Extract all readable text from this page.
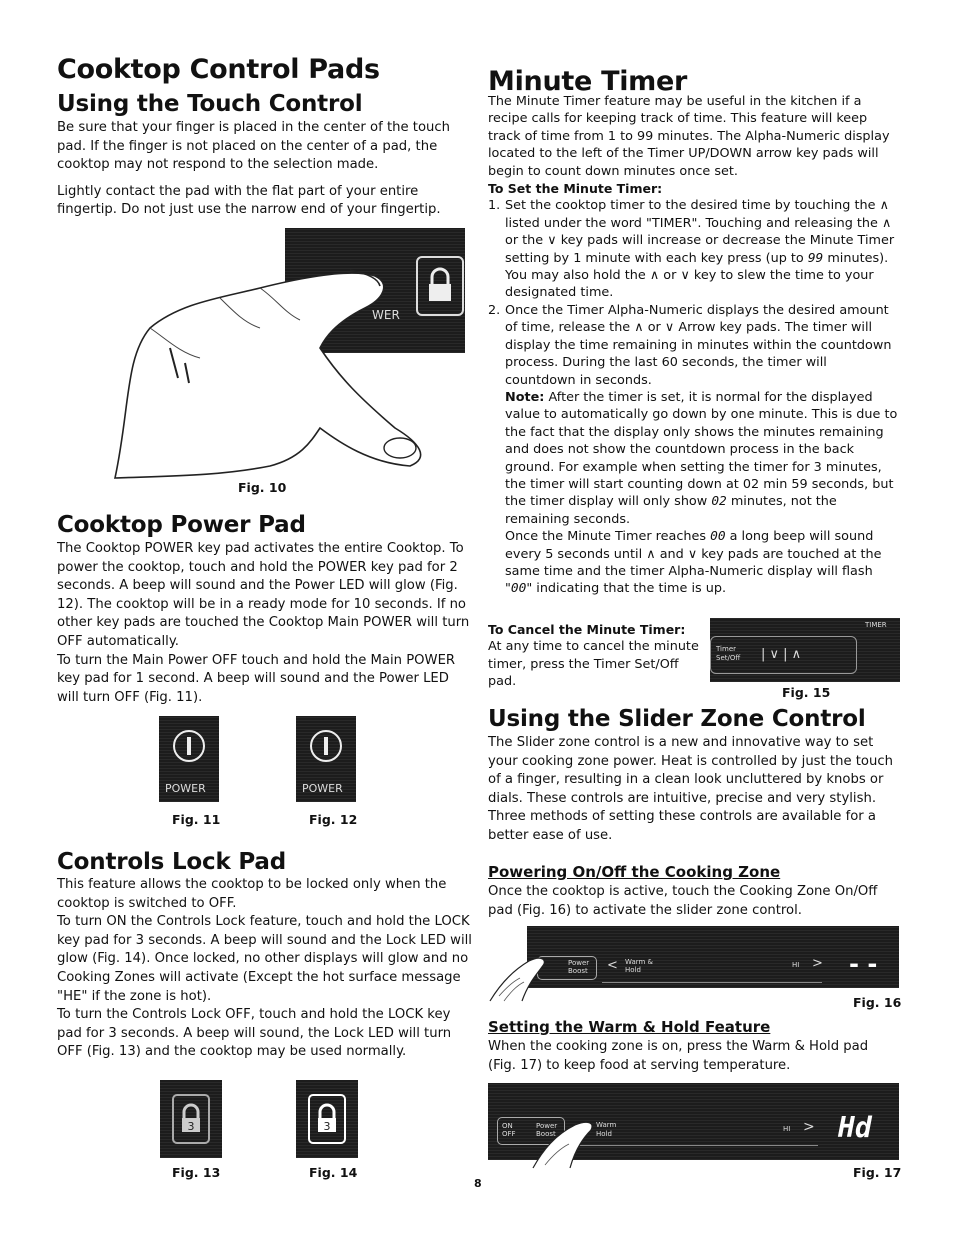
Cooktop Control Pads
Using the Touch Control

Be sure that your finger is placed in the center of the touch pad. If the finger is not placed on the center of a pad, the cooktop may not respond to the selection made.

Lightly contact the pad with the flat part of your entire fingertip. Do not just use the narrow end of your fingertip.

WER
Fig. 10
Cooktop Power Pad

The Cooktop POWER key pad activates the entire Cooktop. To power the cooktop, touch and hold the POWER key pad for 2 seconds. A beep will sound and the Power LED will glow (Fig. 12). The cooktop will be in a ready mode for 10 seconds. If no other key pads are touched the Cooktop Main POWER will turn OFF automatically.

To turn the Main Power OFF touch and hold the Main POWER key pad for 1 second. A beep will sound and the Power LED will turn OFF (Fig. 11).

POWER	POWER
Fig. 11	Fig. 12
Controls Lock Pad

This feature allows the cooktop to be locked only when the cooktop is switched to OFF.

To turn ON the Controls Lock feature, touch and hold the LOCK key pad for 3 seconds. A beep will sound and the Lock LED will glow (Fig. 14). Once locked, no other displays will glow and no Cooking Zones will activate (Except the hot surface message "HE" if the zone is hot).

To turn the Controls Lock OFF, touch and hold the LOCK key pad for 3 seconds. A beep will sound, the Lock LED will turn OFF (Fig. 13) and the cooktop may be used normally.

3	3
Fig. 13	Fig. 14
Minute Timer

The Minute Timer feature may be useful in the kitchen if a recipe calls for keeping track of time. This feature will keep track of time from 1 to 99 minutes. The Alpha-Numeric display located to the left of the Timer UP/DOWN arrow key pads will begin to count down minutes once set.

To Set the Minute Timer:

1. Set the cooktop timer to the desired time by touching the ∧ listed under the word "TIMER". Touching and releasing the ∧ or the ∨ key pads will increase or decrease the Minute Timer setting by 1 minute with each key press (up to 99 minutes). You may also hold the ∧ or ∨ key to slew the time to your designated time.

2. Once the Timer Alpha-Numeric displays the desired amount of time, release the ∧ or ∨ Arrow key pads. The timer will display the time remaining in minutes within the countdown process. During the last 60 seconds, the timer will countdown in seconds.

Note: After the timer is set, it is normal for the displayed value to automatically go down by one minute. This is due to the fact that the display only shows the minutes remaining and does not show the countdown process in the back ground. For example when setting the timer for 3 minutes, the timer will start counting down at 02 min 59 seconds, but the timer display will only show 02 minutes, not the remaining seconds.

Once the Minute Timer reaches 00 a long beep will sound every 5 seconds until ∧ and ∨ key pads are touched at the same time and the timer Alpha-Numeric display will flash "00" indicating that the time is up.

To Cancel the Minute Timer:

At any time to cancel the minute timer, press the Timer Set/Off pad.

TIMER
Timer Set/Off	| ∨ | ∧
Fig. 15
Using the Slider Zone Control

The Slider zone control is a new and innovative way to set your cooking zone power. Heat is controlled by just the touch of a finger, resulting in a clean look uncluttered by knobs or dials. These controls are intuitive, precise and very stylish. Three methods of setting these controls are available for a better ease of use.

Powering On/Off the Cooking Zone

Once the cooktop is active, touch the Cooking Zone On/Off pad (Fig. 16) to activate the slider zone control.

Power Boost	< Warm & Hold
HI > - -
Fig. 16
Setting the Warm & Hold Feature

When the cooking zone is on, press the Warm & Hold pad (Fig. 17) to keep food at serving temperature.

ON OFF
Power Boost
Warm Hold
HI > Hd
Fig. 17
8
